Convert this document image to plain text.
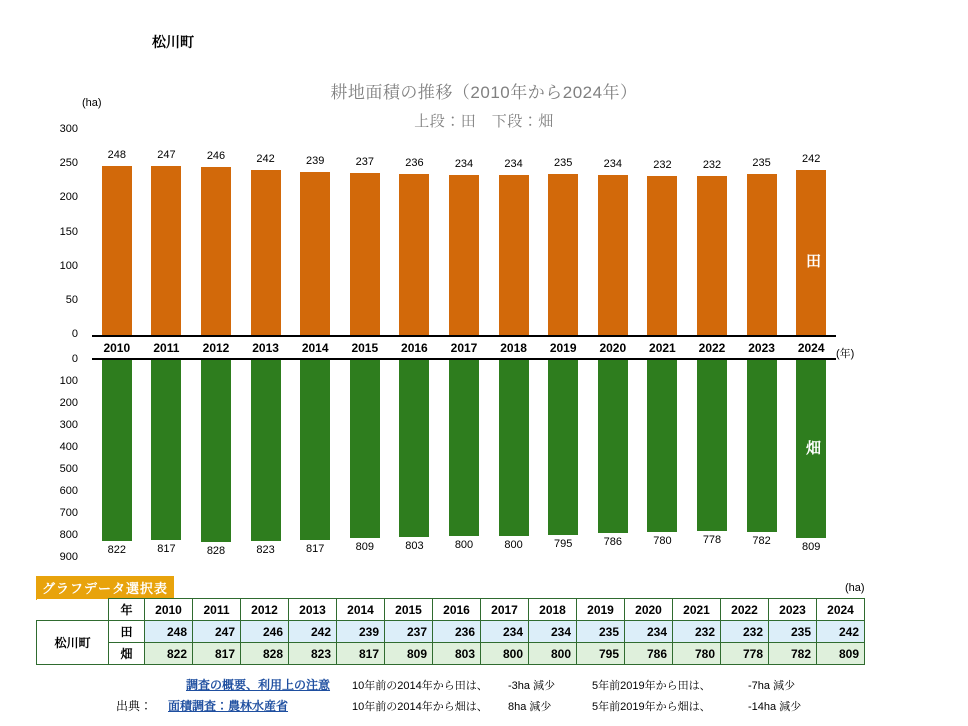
松川町
耕地面積の推移（2010年から2024年）
上段：田　下段：畑
(ha)
(年)
(ha)
0
50
100
150
200
250
300
0
100
200
300
400
500
600
700
800
900
2010	2011	2012	2013	2014	2015	2016	2017	2018	2019	2020	2021	2022	2023	2024
田
畑
グラフデータ選択表
	年	2010	2011	2012	2013	2014	2015	2016	2017	2018	2019	2020	2021	2022	2023	2024
松川町	田	248	247	246	242	239	237	236	234	234	235	234	232	232	235	242
	畑	822	817	828	823	817	809	803	800	800	795	786	780	778	782	809
調査の概要、利用上の注意
出典： 面積調査：農林水産省
10年前の2014年から田は、 -3ha 減少	5年前2019年から田は、	-7ha 減少
10年前の2014年から畑は、 8ha 減少	5年前2019年から畑は、	-14ha 減少
248
822
247
817
246
828
242
823
239
817
237
809
236
803
234
800
234
800
235
795
234
786
232
780
232
778
235
782
242
809
